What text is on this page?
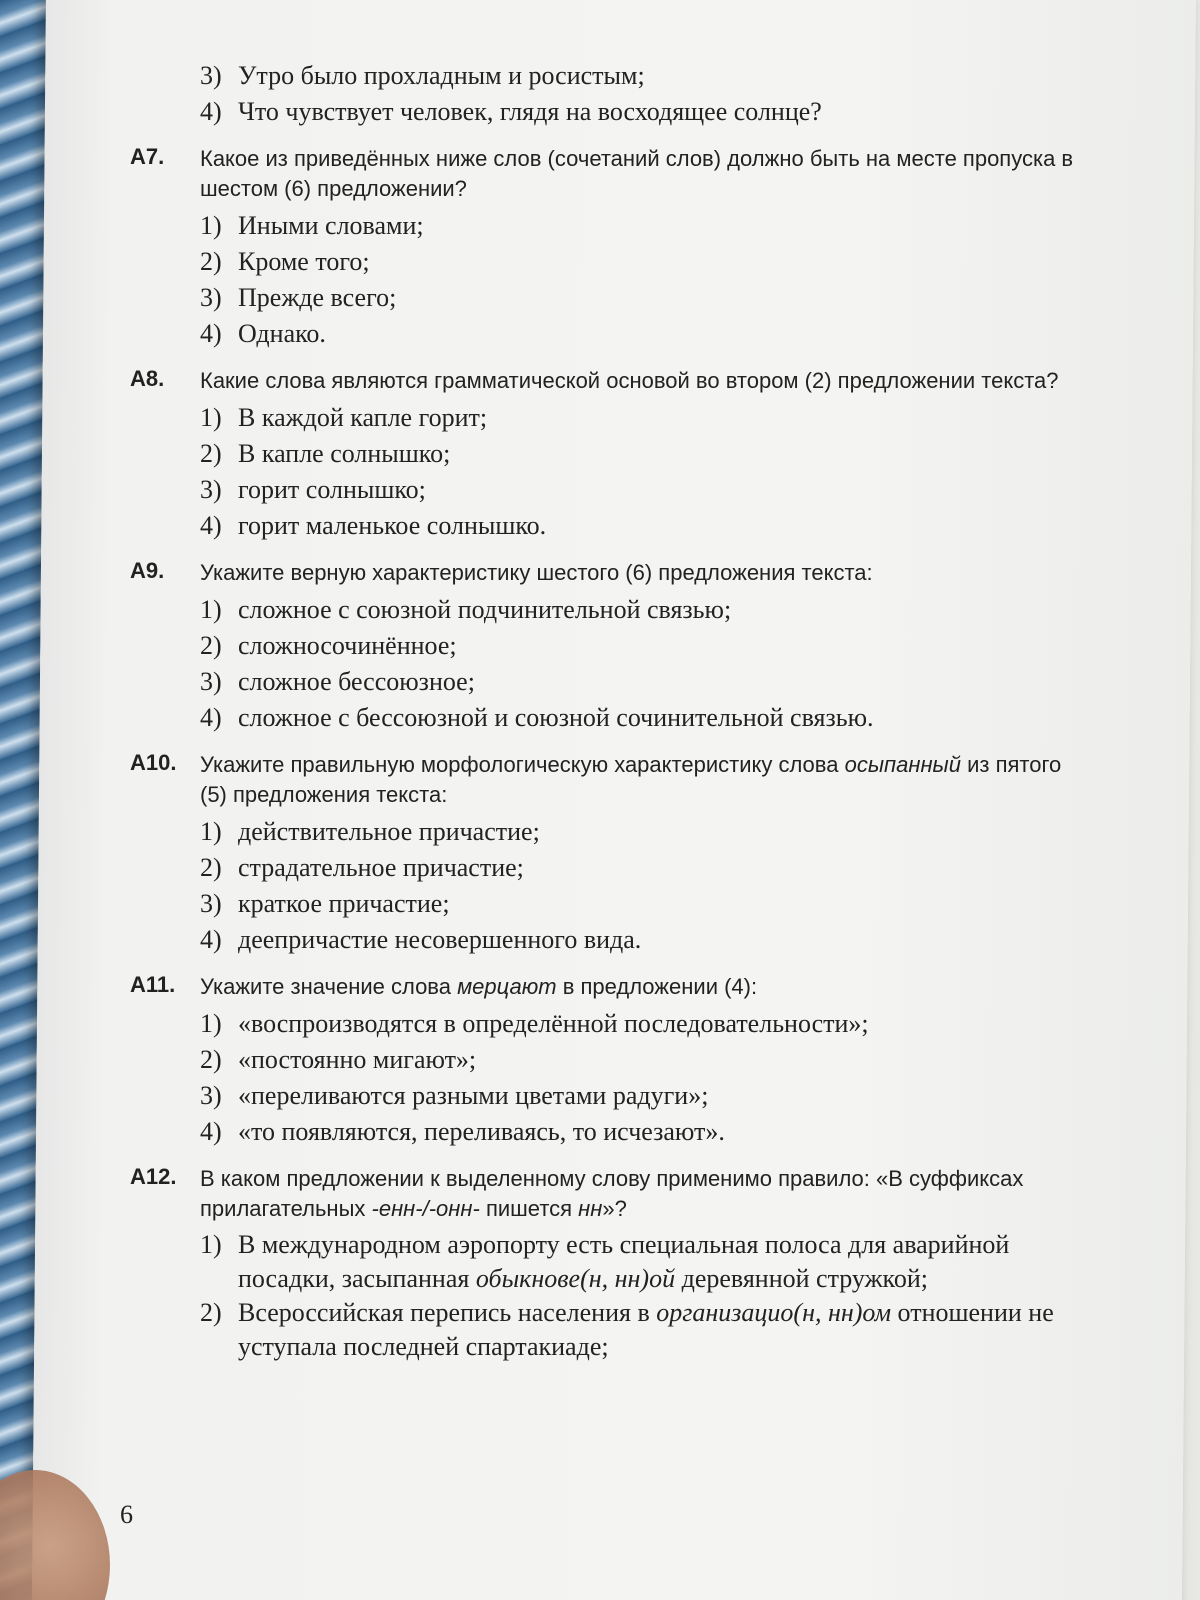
3) Утро было прохладным и росистым;
4) Что чувствует человек, глядя на восходящее солнце?
A7.	Какое из приведённых ниже слов (сочетаний слов) должно быть на месте пропуска в шестом (6) предложении?
1) Иными словами;
2) Кроме того;
3) Прежде всего;
4) Однако.
A8.	Какие слова являются грамматической основой во втором (2) предложении текста?
1) В каждой капле горит;
2) В капле солнышко;
3) горит солнышко;
4) горит маленькое солнышко.
A9.	Укажите верную характеристику шестого (6) предложения текста:
1) сложное с союзной подчинительной связью;
2) сложносочинённое;
3) сложное бессоюзное;
4) сложное с бессоюзной и союзной сочинительной связью.
A10.	Укажите правильную морфологическую характеристику слова осыпанный из пятого (5) предложения текста:
1) действительное причастие;
2) страдательное причастие;
3) краткое причастие;
4) деепричастие несовершенного вида.
A11.	Укажите значение слова мерцают в предложении (4):
1) «воспроизводятся в определённой последовательности»;
2) «постоянно мигают»;
3) «переливаются разными цветами радуги»;
4) «то появляются, переливаясь, то исчезают».
A12.	В каком предложении к выделенному слову применимо правило: «В суффиксах прилагательных -енн-/-онн- пишется нн»?
1) В международном аэропорту есть специальная полоса для аварийной посадки, засыпанная обыкнове(н, нн)ой деревянной стружкой;
2) Всероссийская перепись населения в организацио(н, нн)ом отношении не уступала последней спартакиаде;
6
